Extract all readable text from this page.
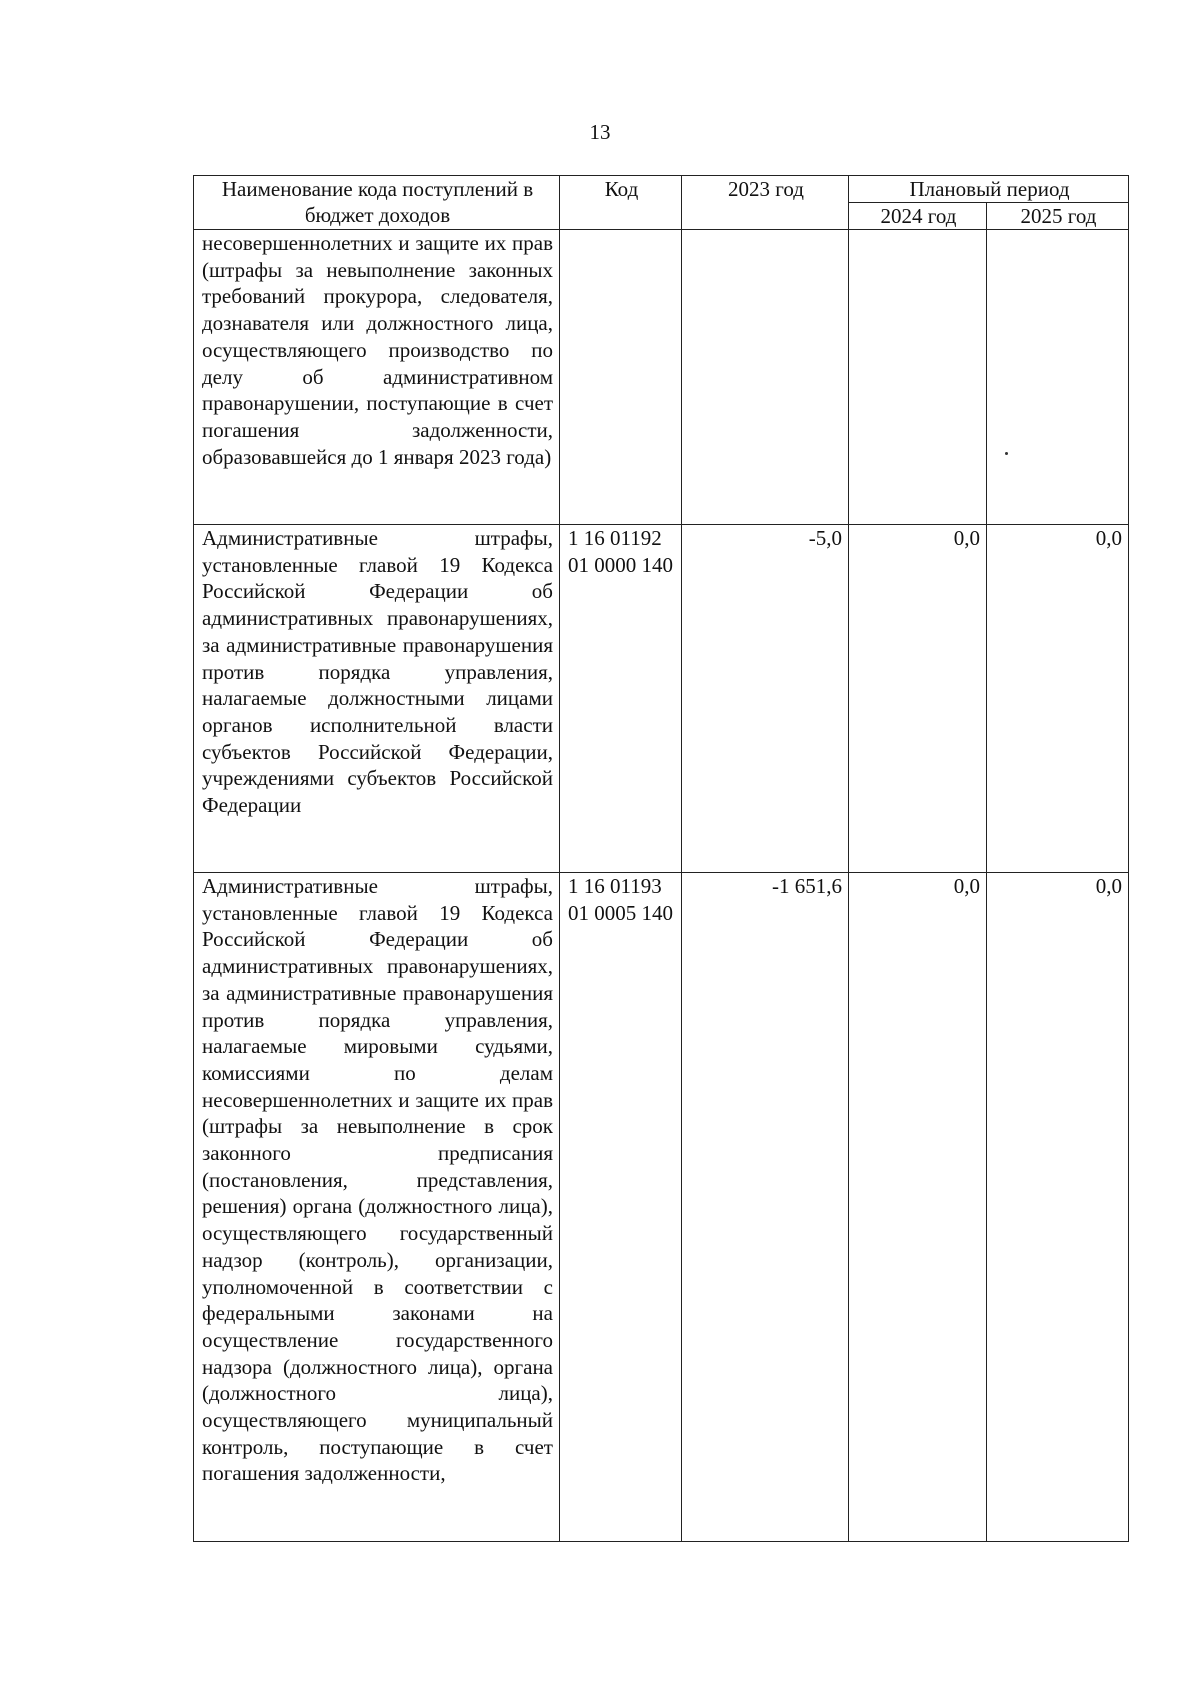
13
Наименование кода поступлений в бюджет доходов	Код	2023 год	Плановый период	
			2024 год	2025 год
несовершеннолетних и защите их прав (штрафы за невыполнение законных требований прокурора, следователя, дознавателя или должностного лица, осуществляющего производство по делу об административном правонарушении, поступающие в счет погашения задолженности, образовавшейся до 1 января 2023 года)				

Административные штрафы, установленные главой 19 Кодекса Российской Федерации об административных правонарушениях, за административные правонарушения против порядка управления, налагаемые должностными лицами органов исполнительной власти субъектов Российской Федерации, учреждениями субъектов Российской Федерации	1 16 01192 01 0000 140	-5,0	0,0	0,0
Административные штрафы, установленные главой 19 Кодекса Российской Федерации об административных правонарушениях, за административные правонарушения против порядка управления, налагаемые мировыми судьями, комиссиями по делам несовершеннолетних и защите их прав (штрафы за невыполнение в срок законного предписания (постановления, представления, решения) органа (должностного лица), осуществляющего государственный надзор (контроль), организации, уполномоченной в соответствии с федеральными законами на осуществление государственного надзора (должностного лица), органа (должностного лица), осуществляющего муниципальный контроль, поступающие в счет погашения задолженности,	1 16 01193 01 0005 140	-1 651,6	0,0	0,0
